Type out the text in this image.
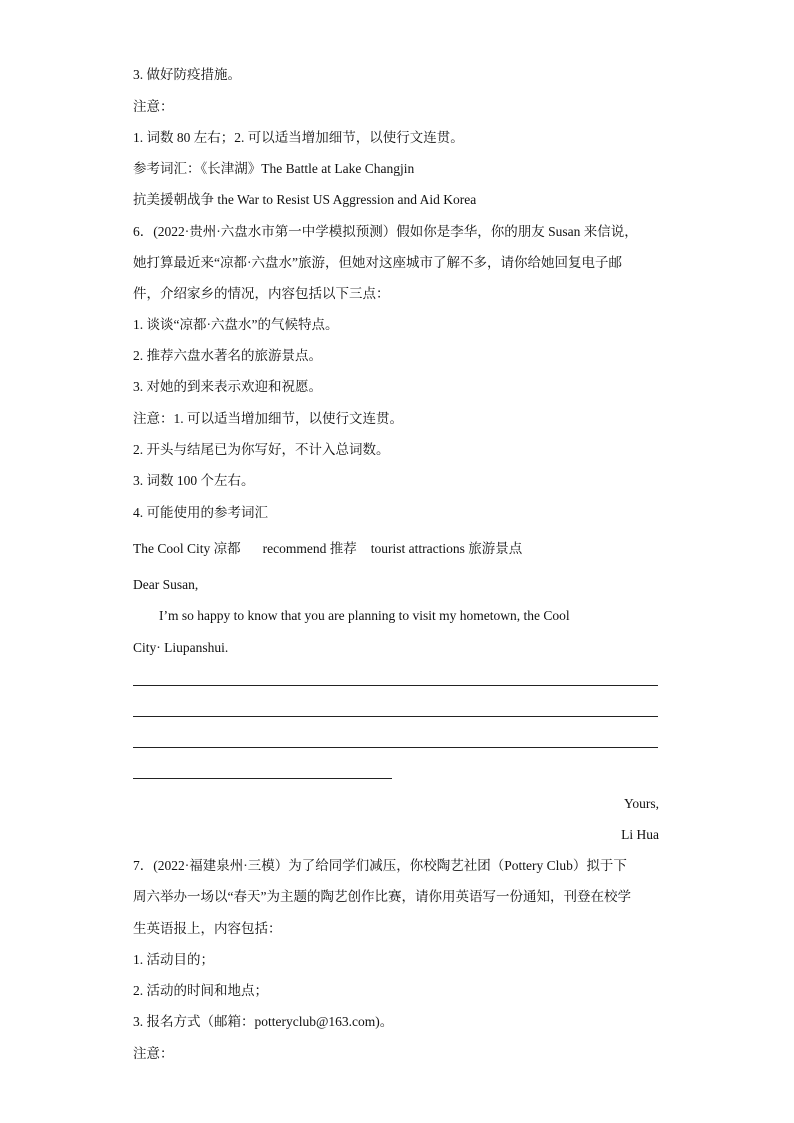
3. 做好防疫措施。
注意：
1. 词数 80 左右；2. 可以适当增加细节，以使行文连贯。
参考词汇：《长津湖》The Battle at Lake Changjin
抗美援朝战争 the War to Resist US Aggression and Aid Korea
6．(2022·贵州·六盘水市第一中学模拟预测）假如你是李华，你的朋友 Susan 来信说，
她打算最近来“凉都·六盘水”旅游，但她对这座城市了解不多，请你给她回复电子邮
件，介绍家乡的情况，内容包括以下三点：
1. 谈谈“凉都·六盘水”的气候特点。
2. 推荐六盘水著名的旅游景点。
3. 对她的到来表示欢迎和祝愿。
注意：1. 可以适当增加细节，以使行文连贯。
2. 开头与结尾已为你写好，不计入总词数。
3. 词数 100 个左右。
4. 可能使用的参考词汇
The Cool City 凉都 recommend 推荐 tourist attractions 旅游景点
Dear Susan,
I’m so happy to know that you are planning to visit my hometown, the Cool
City· Liupanshui.
Yours,
Li Hua
7．(2022·福建泉州·三模）为了给同学们减压，你校陶艺社团（Pottery Club）拟于下
周六举办一场以“春天”为主题的陶艺创作比赛，请你用英语写一份通知，刊登在校学
生英语报上，内容包括：
1. 活动目的；
2. 活动的时间和地点；
3. 报名方式（邮箱：potteryclub@163.com)。
注意：
